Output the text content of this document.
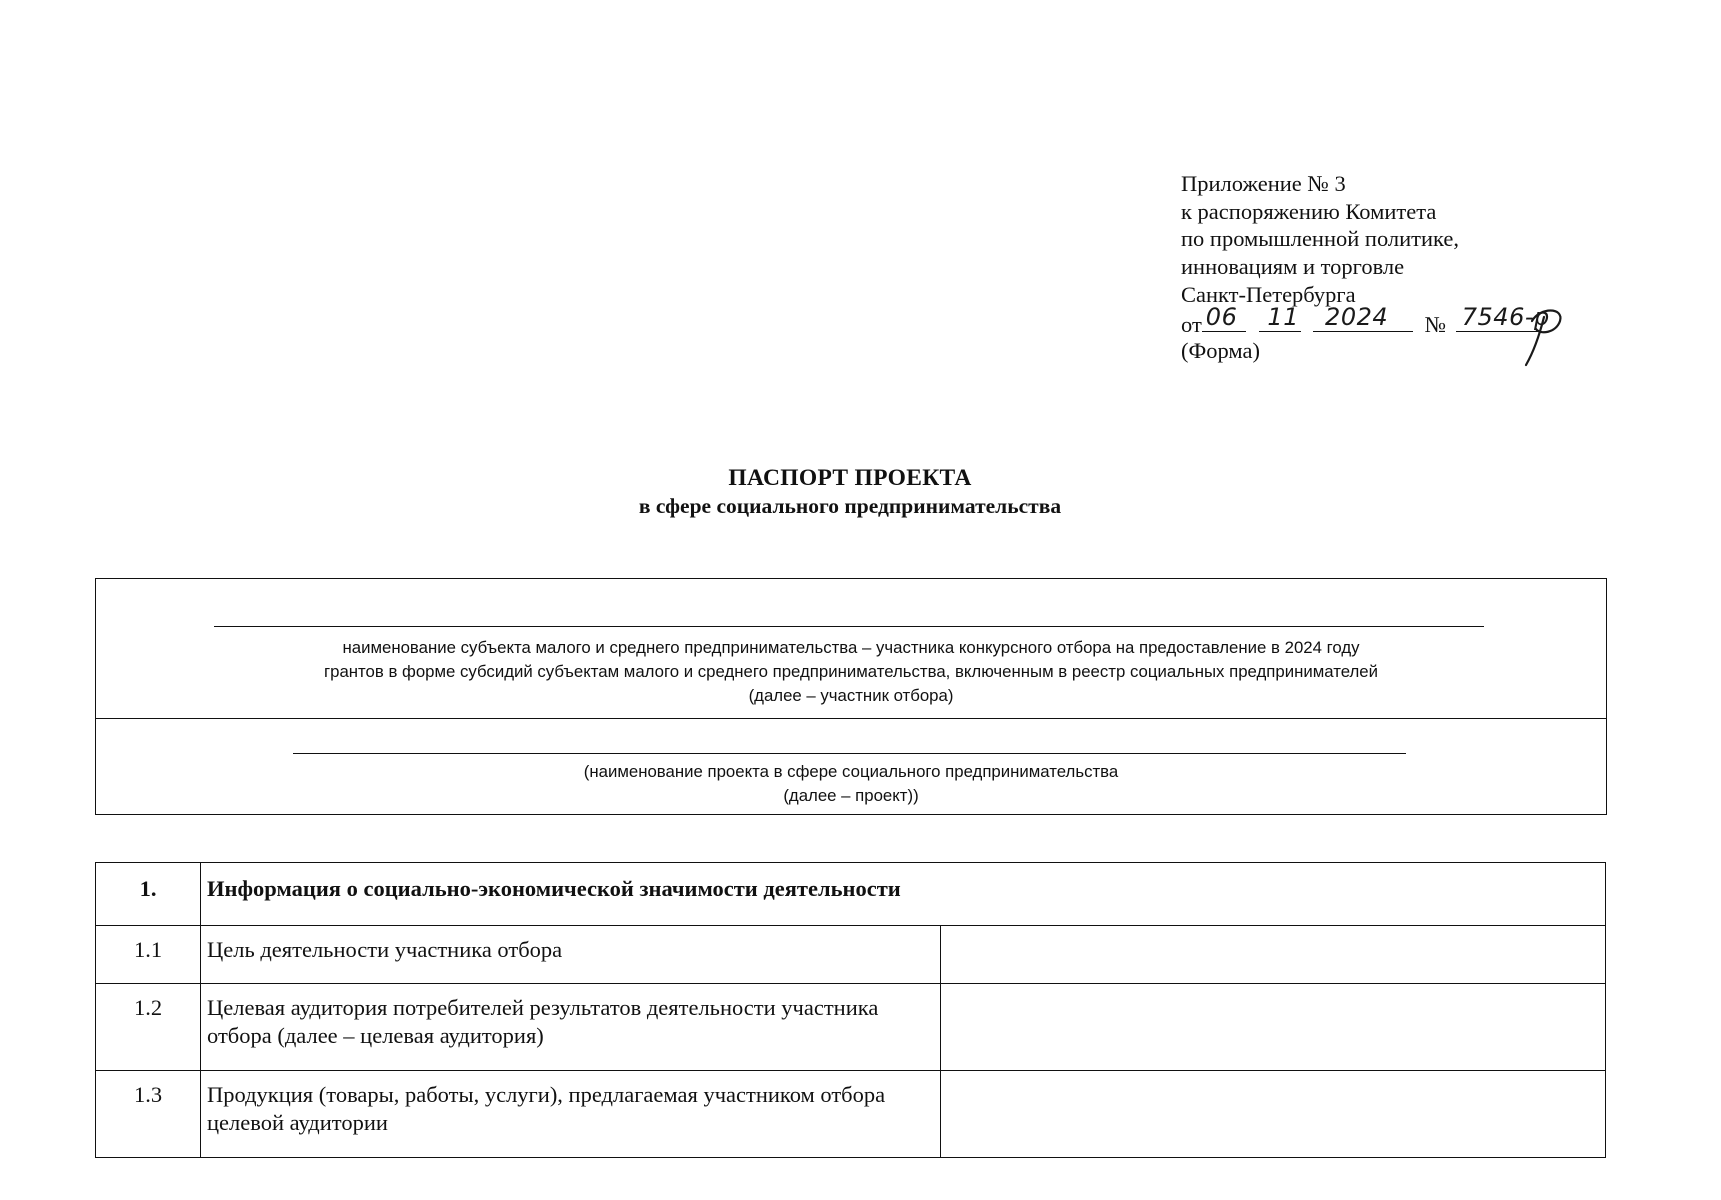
Приложение № 3
к распоряжению Комитета
по промышленной политике,
инновациям и торговле
Санкт-Петербурга
от 06
11
2024 № 7546-р
(Форма)
ПАСПОРТ ПРОЕКТА
в сфере социального предпринимательства
наименование субъекта малого и среднего предпринимательства – участника конкурсного отбора на предоставление в 2024 году
грантов в форме субсидий субъектам малого и среднего предпринимательства, включенным в реестр социальных предпринимателей
(далее – участник отбора)
(наименование проекта в сфере социального предпринимательства
(далее – проект))
1.	Информация о социально-экономической значимости деятельности	
1.1	Цель деятельности участника отбора	
1.2	Целевая аудитория потребителей результатов деятельности участника отбора (далее – целевая аудитория)	
1.3	Продукция (товары, работы, услуги), предлагаемая участником отбора целевой аудитории	
